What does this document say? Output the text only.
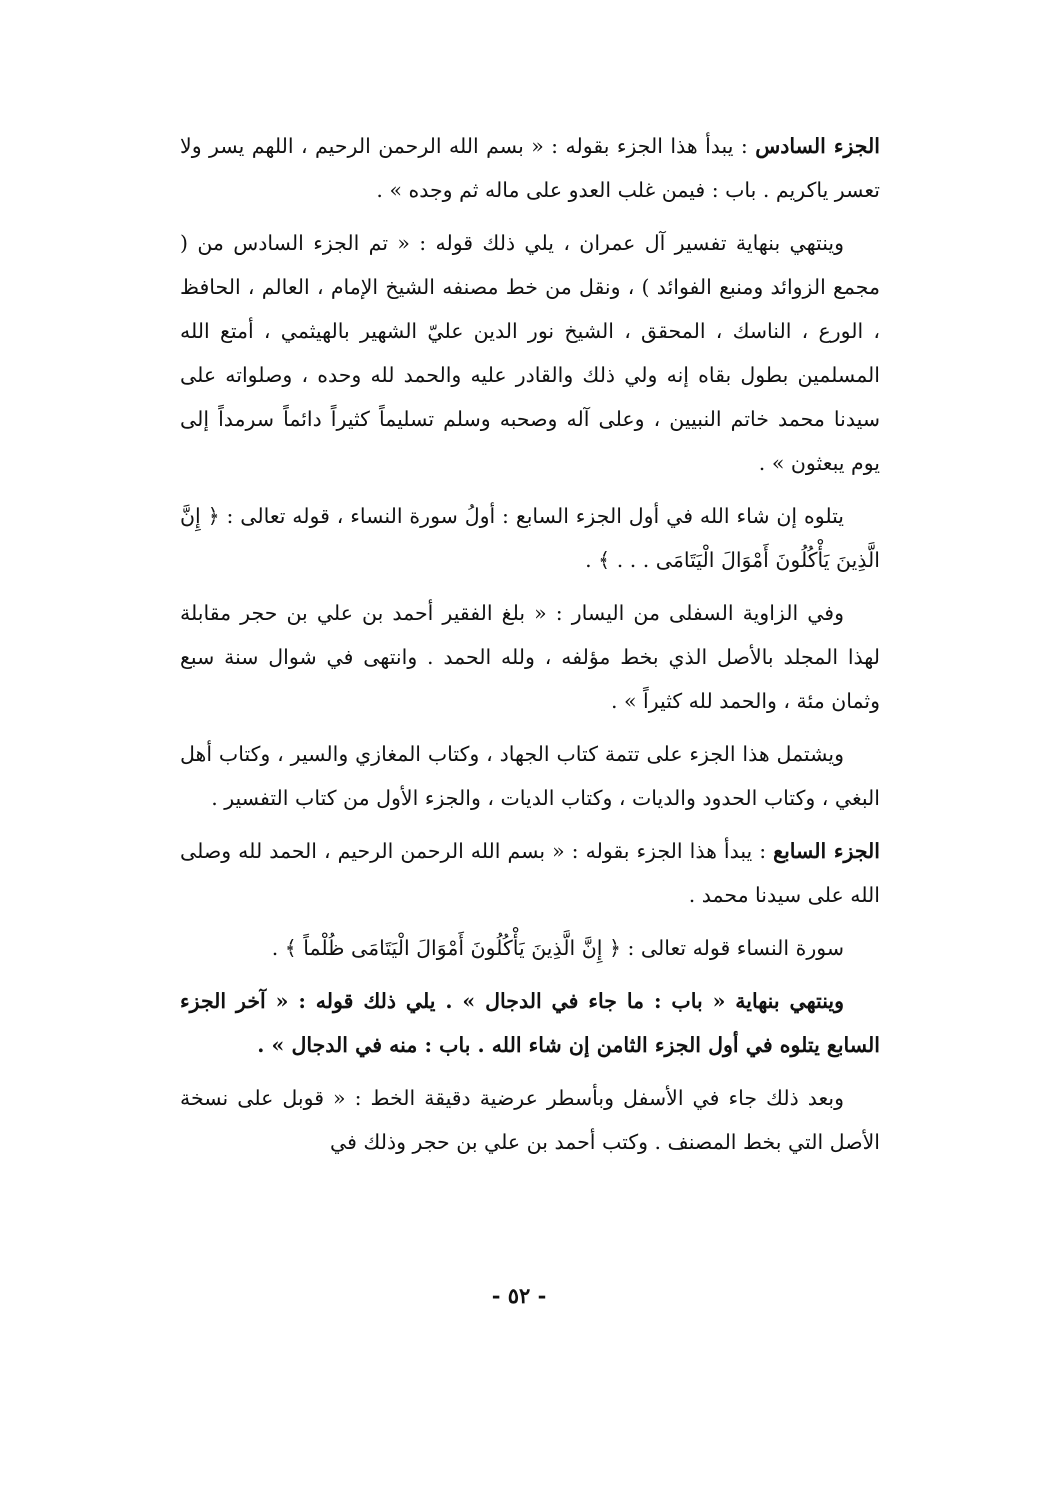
الجزء السادس : يبدأ هذا الجزء بقوله : « بسم الله الرحمن الرحيم ، اللهم يسر ولا تعسر ياكريم . باب : فيمن غلب العدو على ماله ثم وجده » .

وينتهي بنهاية تفسير آل عمران ، يلي ذلك قوله : « تم الجزء السادس من ( مجمع الزوائد ومنبع الفوائد ) ، ونقل من خط مصنفه الشيخ الإمام ، العالم ، الحافظ ، الورع ، الناسك ، المحقق ، الشيخ نور الدين عليّ الشهير بالهيثمي ، أمتع الله المسلمين بطول بقاه إنه ولي ذلك والقادر عليه والحمد لله وحده ، وصلواته على سيدنا محمد خاتم النبيين ، وعلى آله وصحبه وسلم تسليماً كثيراً دائماً سرمداً إلى يوم يبعثون » .

يتلوه إن شاء الله في أول الجزء السابع : أولُ سورة النساء ، قوله تعالى : ﴿ إِنَّ الَّذِينَ يَأْكُلُونَ أَمْوَالَ الْيَتَامَى . . . ﴾ .

وفي الزاوية السفلى من اليسار : « بلغ الفقير أحمد بن علي بن حجر مقابلة لهذا المجلد بالأصل الذي بخط مؤلفه ، ولله الحمد . وانتهى في شوال سنة سبع وثمان مئة ، والحمد لله كثيراً » .

ويشتمل هذا الجزء على تتمة كتاب الجهاد ، وكتاب المغازي والسير ، وكتاب أهل البغي ، وكتاب الحدود والديات ، وكتاب الديات ، والجزء الأول من كتاب التفسير .

الجزء السابع : يبدأ هذا الجزء بقوله : « بسم الله الرحمن الرحيم ، الحمد لله وصلى الله على سيدنا محمد .

سورة النساء قوله تعالى : ﴿ إِنَّ الَّذِينَ يَأْكُلُونَ أَمْوَالَ الْيَتَامَى ظُلْماً ﴾ .

وينتهي بنهاية « باب : ما جاء في الدجال » . يلي ذلك قوله : « آخر الجزء السابع يتلوه في أول الجزء الثامن إن شاء الله . باب : منه في الدجال » .

وبعد ذلك جاء في الأسفل وبأسطر عرضية دقيقة الخط : « قوبل على نسخة الأصل التي بخط المصنف . وكتب أحمد بن علي بن حجر وذلك في

- ٥٢ -
